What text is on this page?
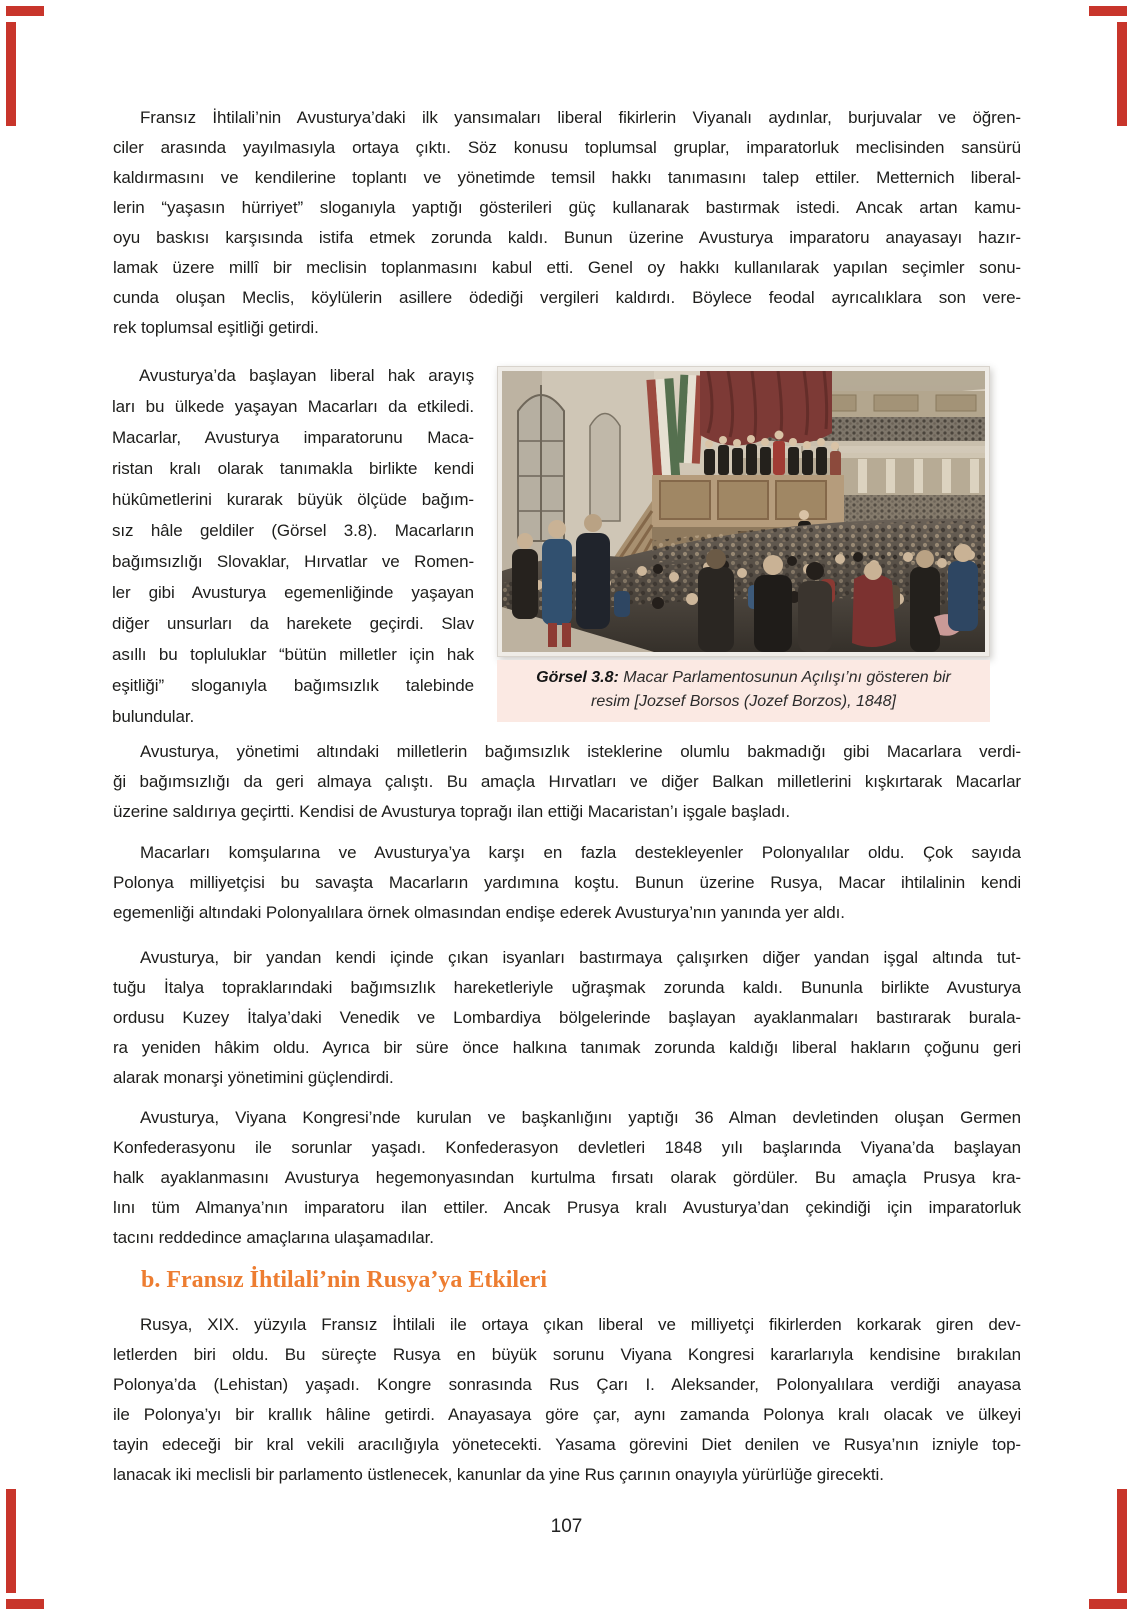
Fransız İhtilali’nin Avusturya’daki ilk yansımaları liberal fikirlerin Viyanalı aydınlar, burjuvalar ve öğren-
ciler arasında yayılmasıyla ortaya çıktı. Söz konusu toplumsal gruplar, imparatorluk meclisinden sansürü
kaldırmasını ve kendilerine toplantı ve yönetimde temsil hakkı tanımasını talep ettiler. Metternich liberal-
lerin “yaşasın hürriyet” sloganıyla yaptığı gösterileri güç kullanarak bastırmak istedi. Ancak artan kamu-
oyu baskısı karşısında istifa etmek zorunda kaldı. Bunun üzerine Avusturya imparatoru anayasayı hazır-
lamak üzere millî bir meclisin toplanmasını kabul etti. Genel oy hakkı kullanılarak yapılan seçimler sonu-
cunda oluşan Meclis, köylülerin asillere ödediği vergileri kaldırdı. Böylece feodal ayrıcalıklara son vere-
rek toplumsal eşitliği getirdi.
Avusturya’da başlayan liberal hak arayış
ları bu ülkede yaşayan Macarları da etkiledi.
Macarlar, Avusturya imparatorunu Maca-
ristan kralı olarak tanımakla birlikte kendi
hükûmetlerini kurarak büyük ölçüde bağım-
sız hâle geldiler (Görsel 3.8). Macarların
bağımsızlığı Slovaklar, Hırvatlar ve Romen-
ler gibi Avusturya egemenliğinde yaşayan
diğer unsurları da harekete geçirdi. Slav
asıllı bu topluluklar “bütün milletler için hak
eşitliği” sloganıyla bağımsızlık talebinde
bulundular.
Görsel 3.8: Macar Parlamentosunun Açılışı’nı gösteren bir
resim [Jozsef Borsos (Jozef Borzos), 1848]
Avusturya, yönetimi altındaki milletlerin bağımsızlık isteklerine olumlu bakmadığı gibi Macarlara verdi-
ği bağımsızlığı da geri almaya çalıştı. Bu amaçla Hırvatları ve diğer Balkan milletlerini kışkırtarak Macarlar
üzerine saldırıya geçirtti. Kendisi de Avusturya toprağı ilan ettiği Macaristan’ı işgale başladı.
Macarları komşularına ve Avusturya’ya karşı en fazla destekleyenler Polonyalılar oldu. Çok sayıda
Polonya milliyetçisi bu savaşta Macarların yardımına koştu. Bunun üzerine Rusya, Macar ihtilalinin kendi
egemenliği altındaki Polonyalılara örnek olmasından endişe ederek Avusturya’nın yanında yer aldı.
Avusturya, bir yandan kendi içinde çıkan isyanları bastırmaya çalışırken diğer yandan işgal altında tut-
tuğu İtalya topraklarındaki bağımsızlık hareketleriyle uğraşmak zorunda kaldı. Bununla birlikte Avusturya
ordusu Kuzey İtalya’daki Venedik ve Lombardiya bölgelerinde başlayan ayaklanmaları bastırarak burala-
ra yeniden hâkim oldu. Ayrıca bir süre önce halkına tanımak zorunda kaldığı liberal hakların çoğunu geri
alarak monarşi yönetimini güçlendirdi.
Avusturya, Viyana Kongresi’nde kurulan ve başkanlığını yaptığı 36 Alman devletinden oluşan Germen
Konfederasyonu ile sorunlar yaşadı. Konfederasyon devletleri 1848 yılı başlarında Viyana’da başlayan
halk ayaklanmasını Avusturya hegemonyasından kurtulma fırsatı olarak gördüler. Bu amaçla Prusya kra-
lını tüm Almanya’nın imparatoru ilan ettiler. Ancak Prusya kralı Avusturya’dan çekindiği için imparatorluk
tacını reddedince amaçlarına ulaşamadılar.
b. Fransız İhtilali’nin Rusya’ya Etkileri
Rusya, XIX. yüzyıla Fransız İhtilali ile ortaya çıkan liberal ve milliyetçi fikirlerden korkarak giren dev-
letlerden biri oldu. Bu süreçte Rusya en büyük sorunu Viyana Kongresi kararlarıyla kendisine bırakılan
Polonya’da (Lehistan) yaşadı. Kongre sonrasında Rus Çarı I. Aleksander, Polonyalılara verdiği anayasa
ile Polonya’yı bir krallık hâline getirdi. Anayasaya göre çar, aynı zamanda Polonya kralı olacak ve ülkeyi
tayin edeceği bir kral vekili aracılığıyla yönetecekti. Yasama görevini Diet denilen ve Rusya’nın izniyle top-
lanacak iki meclisli bir parlamento üstlenecek, kanunlar da yine Rus çarının onayıyla yürürlüğe girecekti.
107
